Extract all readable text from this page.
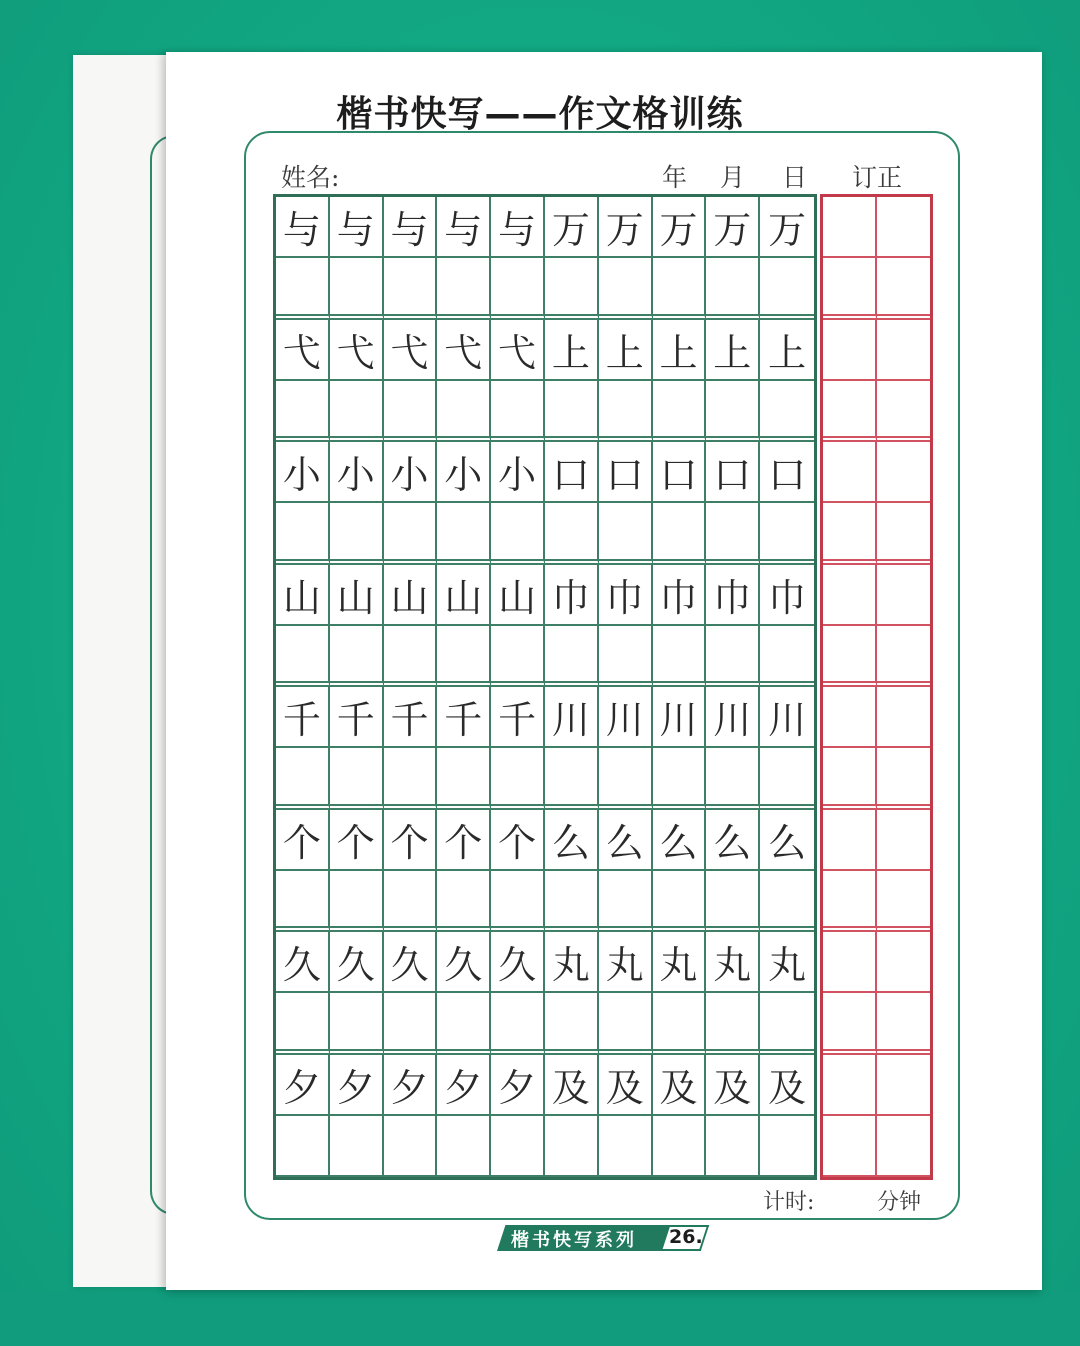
楷书快写——作文格训练
姓名:	年 月 日 订正
与 与 与 与 与 万 万 万 万 万
弋 弋 弋 弋 弋 上 上 上 上 上
小 小 小 小 小 口 口 口 口 口
山 山 山 山 山 巾 巾 巾 巾 巾
千 千 千 千 千 川 川 川 川 川
个 个 个 个 个 么 么 么 么 么
久 久 久 久 久 丸 丸 丸 丸 丸
夕 夕 夕 夕 夕 及 及 及 及 及
计时:	分钟
楷书快写系列 26.
